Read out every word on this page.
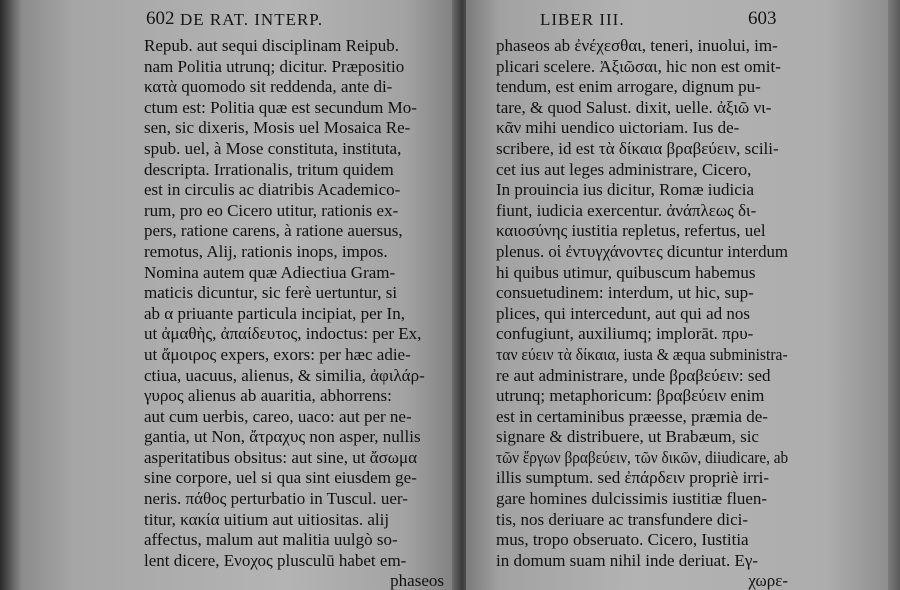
602 DE RAT. INTERP.
Repub. aut sequi disciplinam Reipub.
nam Politia utrunq; dicitur. Præpositio
κατὰ quomodo sit reddenda, ante di-
ctum est: Politia quæ est secundum Mo-
sen, sic dixeris, Mosis uel Mosaica Re-
spub. uel, à Mose constituta, instituta,
descripta. Irrationalis, tritum quidem
est in circulis ac diatribis Academico-
rum, pro eo Cicero utitur, rationis ex-
pers, ratione carens, à ratione auersus,
remotus, Alij, rationis inops, impos.
Nomina autem quæ Adiectiua Gram-
maticis dicuntur, sic ferè uertuntur, si
ab α priuante particula incipiat, per In,
ut ἀμαθὴς, ἀπαίδευτος, indoctus: per Ex,
ut ἄμοιρος expers, exors: per hæc adie-
ctiua, uacuus, alienus, & similia, ἀφιλάρ-
γυρος alienus ab auaritia, abhorrens:
aut cum uerbis, careo, uaco: aut per ne-
gantia, ut Non, ἄτραχυς non asper, nullis
asperitatibus obsitus: aut sine, ut ἄσωμα
sine corpore, uel si qua sint eiusdem ge-
neris. πάθος perturbatio in Tuscul. uer-
titur, κακία uitium aut uitiositas. alij
affectus, malum aut malitia uulgò so-
lent dicere, Ενοχος plusculū habet em-
phaseos
LIBER III.	603
phaseos ab ἐνέχεσθαι, teneri, inuolui, im-
plicari scelere. Ἀξιῶσαι, hic non est omit-
tendum, est enim arrogare, dignum pu-
tare, & quod Salust. dixit, uelle. ἀξιῶ νι-
κᾶν mihi uendico uictoriam. Ius de-
scribere, id est τὰ δίκαια βραβεύειν, scili-
cet ius aut leges administrare, Cicero,
In prouincia ius dicitur, Romæ iudicia
fiunt, iudicia exercentur. ἀνάπλεως δι-
καιοσύνης iustitia repletus, refertus, uel
plenus. οἱ ἐντυγχάνοντες dicuntur interdum
hi quibus utimur, quibuscum habemus
consuetudinem: interdum, ut hic, sup-
plices, qui intercedunt, aut qui ad nos
confugiunt, auxiliumq; implorāt. πρυ-
ταν εύειν τὰ δίκαια, iusta & æqua subministra-
re aut administrare, unde βραβεύειν: sed
utrunq; metaphoricum: βραβεύειν enim
est in certaminibus præesse, præmia de-
signare & distribuere, ut Brabæum, sic
τῶν ἔργων βραβεύειν, τῶν δικῶν, diiudicare, ab
illis sumptum. sed ἐπάρδειν propriè irri-
gare homines dulcissimis iustitiæ fluen-
tis, nos deriuare ac transfundere dici-
mus, tropo obseruato. Cicero, Iustitia
in domum suam nihil inde deriuat. Εγ-
χωρε-
